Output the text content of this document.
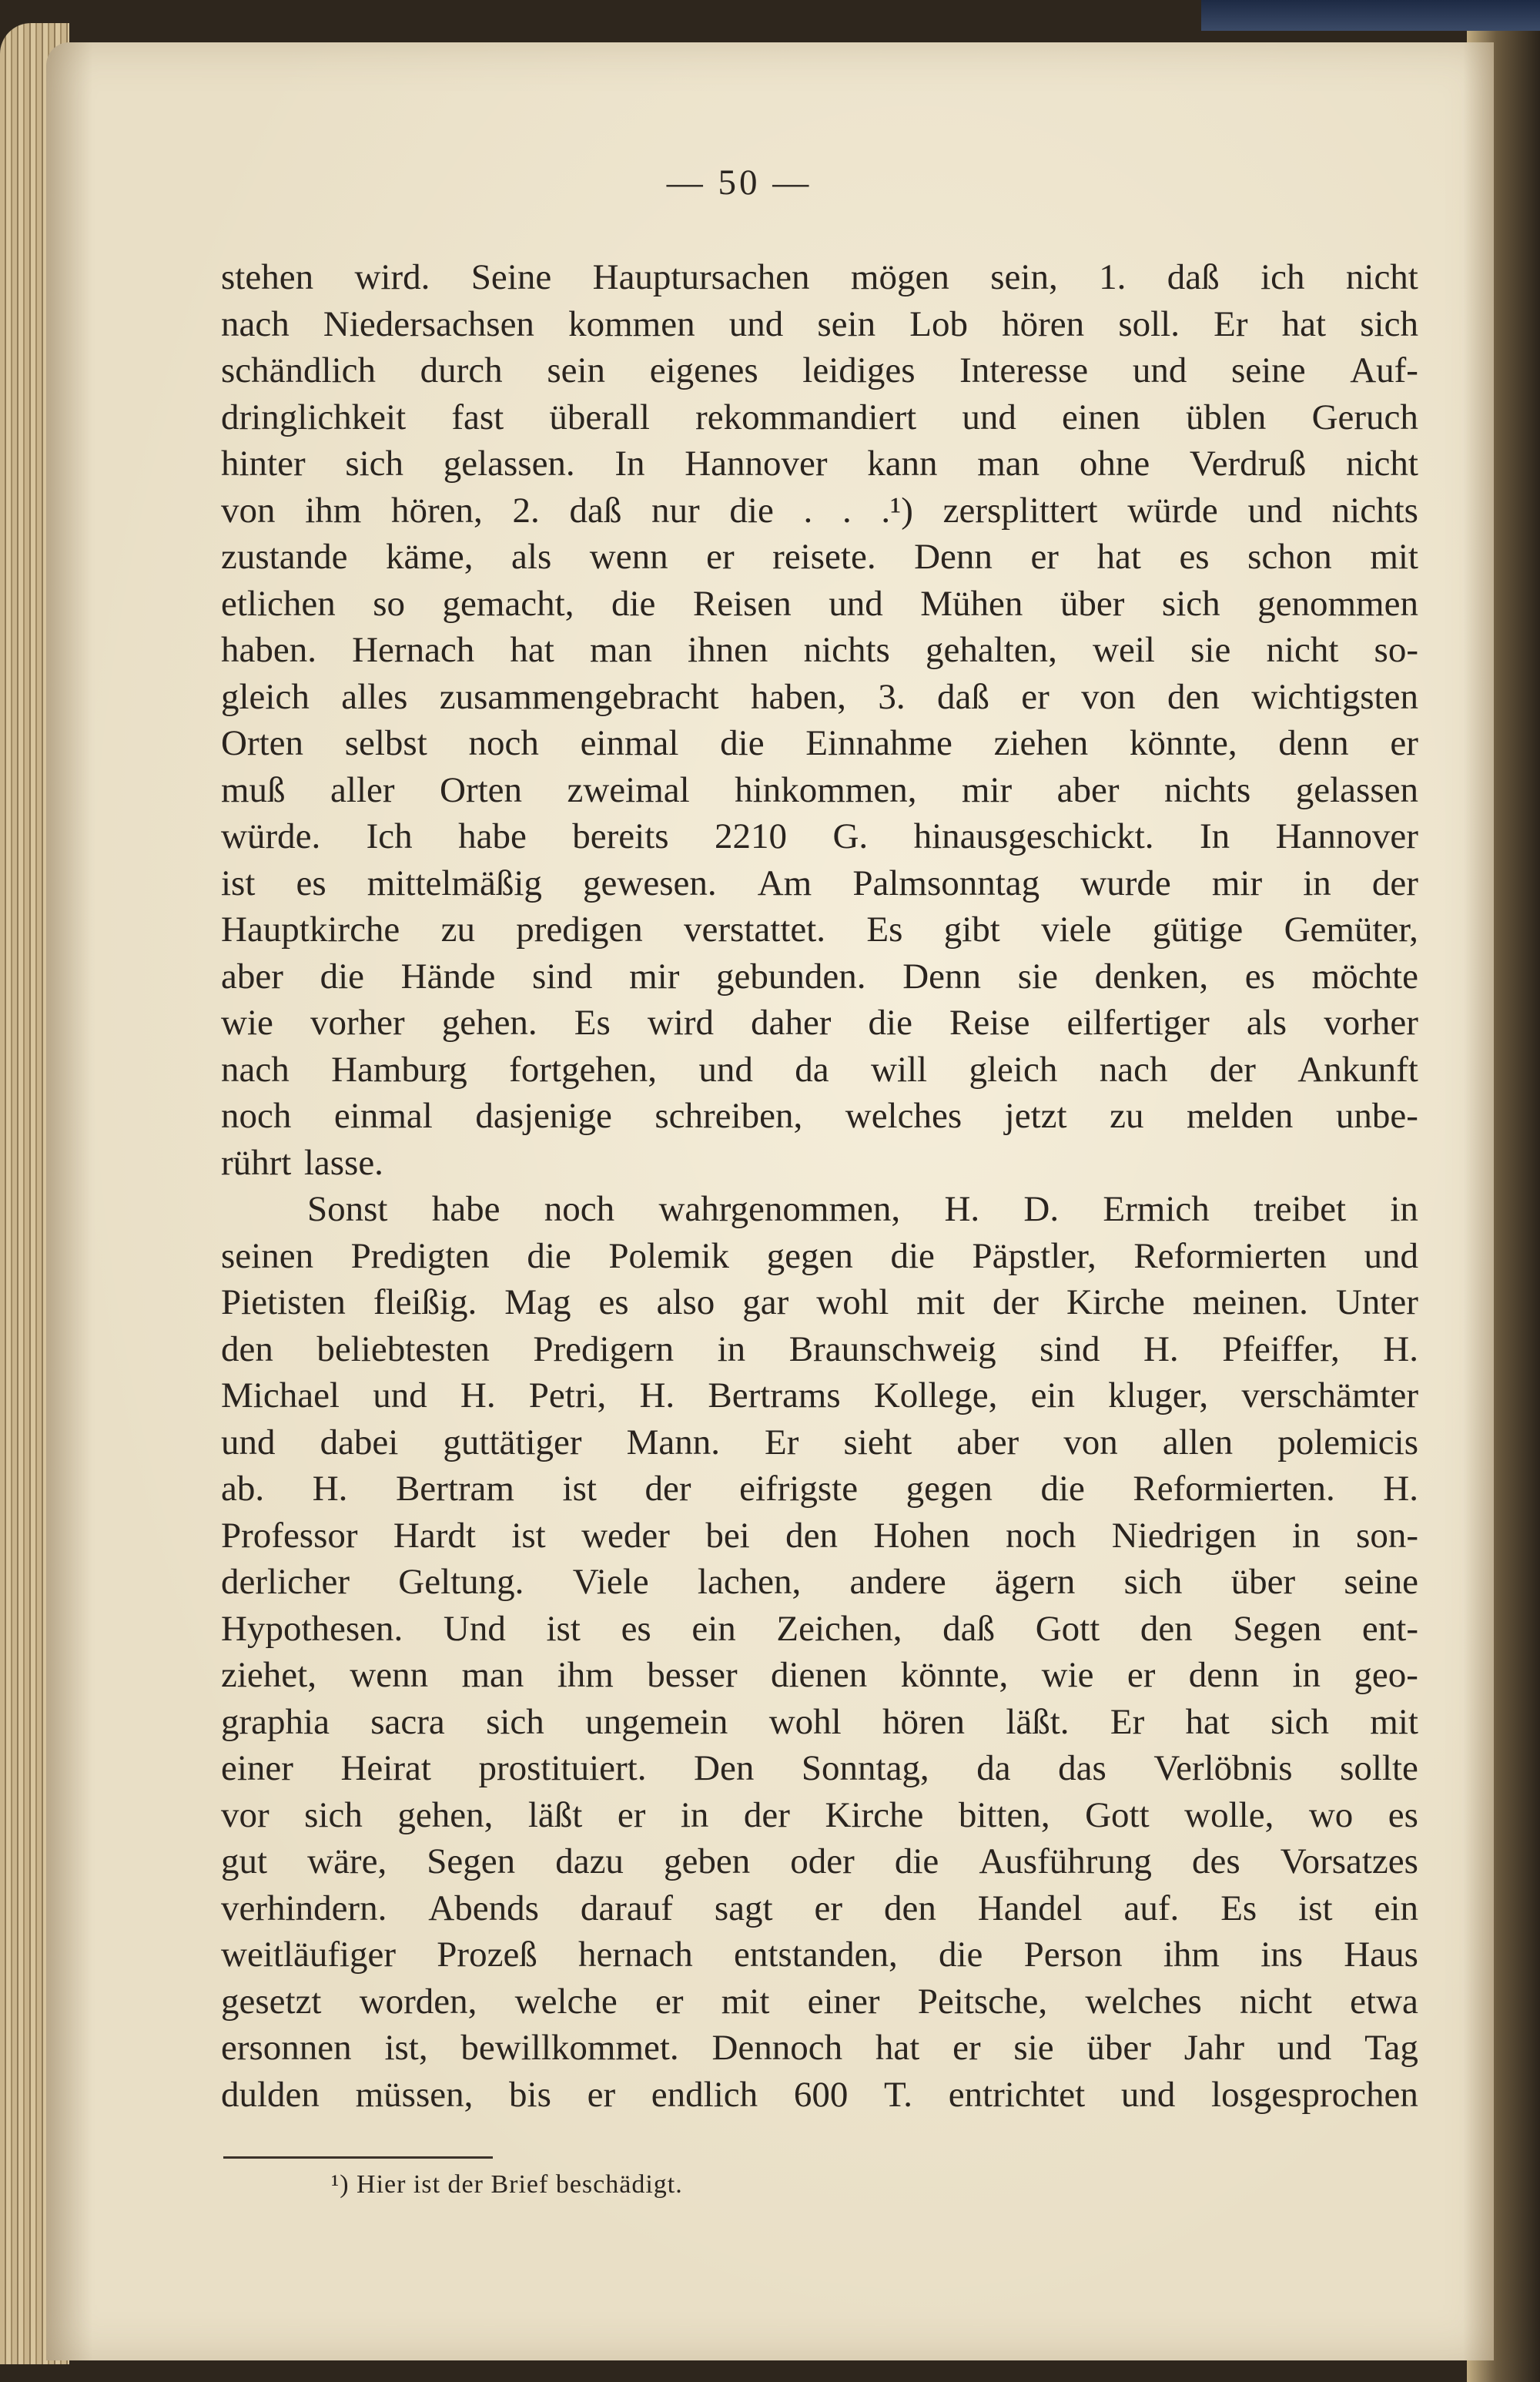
— 50 —
stehen wird. Seine Hauptursachen mögen sein, 1. daß ich nicht
nach Niedersachsen kommen und sein Lob hören soll. Er hat sich
schändlich durch sein eigenes leidiges Interesse und seine Auf-
dringlichkeit fast überall rekommandiert und einen üblen Geruch
hinter sich gelassen. In Hannover kann man ohne Verdruß nicht
von ihm hören, 2. daß nur die . . .¹) zersplittert würde und nichts
zustande käme, als wenn er reisete. Denn er hat es schon mit
etlichen so gemacht, die Reisen und Mühen über sich genommen
haben. Hernach hat man ihnen nichts gehalten, weil sie nicht so-
gleich alles zusammengebracht haben, 3. daß er von den wichtigsten
Orten selbst noch einmal die Einnahme ziehen könnte, denn er
muß aller Orten zweimal hinkommen, mir aber nichts gelassen
würde. Ich habe bereits 2210 G. hinausgeschickt. In Hannover
ist es mittelmäßig gewesen. Am Palmsonntag wurde mir in der
Hauptkirche zu predigen verstattet. Es gibt viele gütige Gemüter,
aber die Hände sind mir gebunden. Denn sie denken, es möchte
wie vorher gehen. Es wird daher die Reise eilfertiger als vorher
nach Hamburg fortgehen, und da will gleich nach der Ankunft
noch einmal dasjenige schreiben, welches jetzt zu melden unbe-
rührt lasse.
Sonst habe noch wahrgenommen, H. D. Ermich treibet in
seinen Predigten die Polemik gegen die Päpstler, Reformierten und
Pietisten fleißig. Mag es also gar wohl mit der Kirche meinen. Unter
den beliebtesten Predigern in Braunschweig sind H. Pfeiffer, H.
Michael und H. Petri, H. Bertrams Kollege, ein kluger, verschämter
und dabei guttätiger Mann. Er sieht aber von allen polemicis
ab. H. Bertram ist der eifrigste gegen die Reformierten. H.
Professor Hardt ist weder bei den Hohen noch Niedrigen in son-
derlicher Geltung. Viele lachen, andere ägern sich über seine
Hypothesen. Und ist es ein Zeichen, daß Gott den Segen ent-
ziehet, wenn man ihm besser dienen könnte, wie er denn in geo-
graphia sacra sich ungemein wohl hören läßt. Er hat sich mit
einer Heirat prostituiert. Den Sonntag, da das Verlöbnis sollte
vor sich gehen, läßt er in der Kirche bitten, Gott wolle, wo es
gut wäre, Segen dazu geben oder die Ausführung des Vorsatzes
verhindern. Abends darauf sagt er den Handel auf. Es ist ein
weitläufiger Prozeß hernach entstanden, die Person ihm ins Haus
gesetzt worden, welche er mit einer Peitsche, welches nicht etwa
ersonnen ist, bewillkommet. Dennoch hat er sie über Jahr und Tag
dulden müssen, bis er endlich 600 T. entrichtet und losgesprochen
¹) Hier ist der Brief beschädigt.
